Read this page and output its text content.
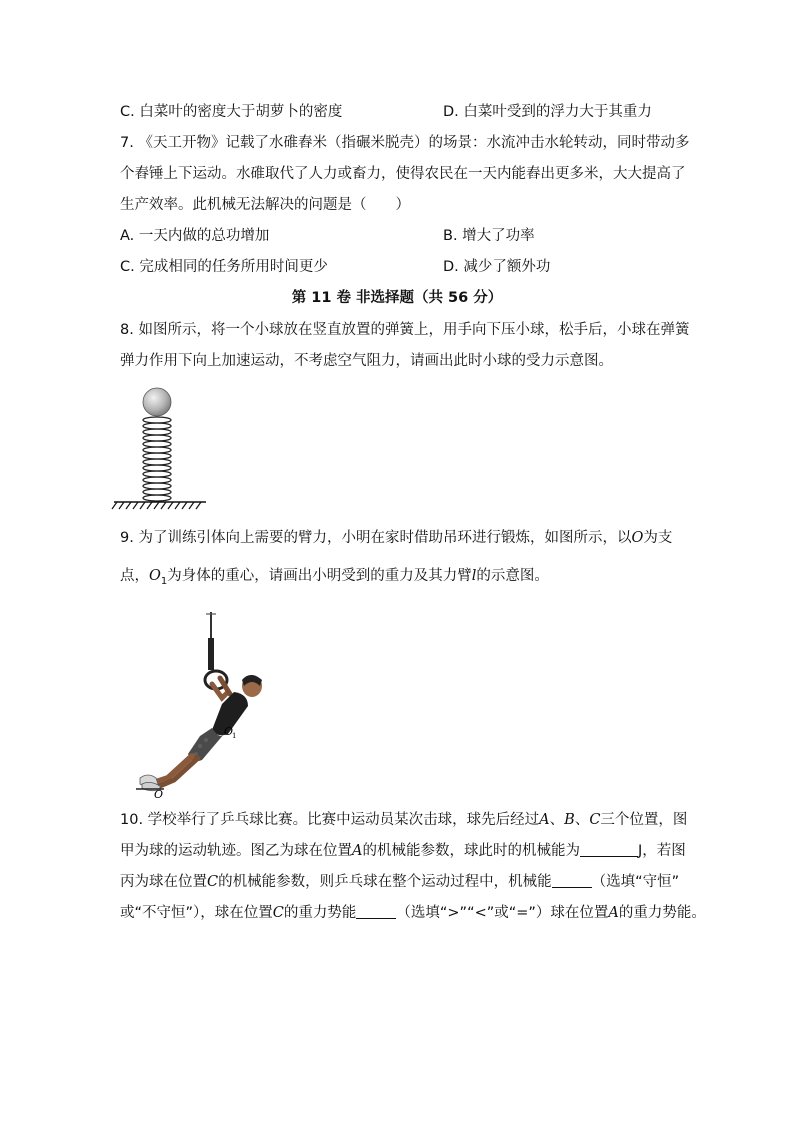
C. 白菜叶的密度大于胡萝卜的密度	D. 白菜叶受到的浮力大于其重力
7. 《天工开物》记载了水碓舂米（指碾米脱壳）的场景：水流冲击水轮转动，同时带动多
个舂锤上下运动。水碓取代了人力或畜力，使得农民在一天内能舂出更多米，大大提高了
生产效率。此机械无法解决的问题是（　　）
A. 一天内做的总功增加	B. 增大了功率
C. 完成相同的任务所用时间更少	D. 减少了额外功
第 11 卷 非选择题（共 56 分）
8. 如图所示，将一个小球放在竖直放置的弹簧上，用手向下压小球，松手后，小球在弹簧
弹力作用下向上加速运动，不考虑空气阻力，请画出此时小球的受力示意图。
9. 为了训练引体向上需要的臂力，小明在家时借助吊环进行锻炼，如图所示，以O为支
点，$O_1$为身体的重心，请画出小明受到的重力及其力臂l的示意图。
O
1
O
10. 学校举行了乒乓球比赛。比赛中运动员某次击球，球先后经过A、B、C三个位置，图
甲为球的运动轨迹。图乙为球在位置A的机械能参数，球此时的机械能为	J，若图
丙为球在位置C的机械能参数，则乒乓球在整个运动过程中，机械能	（选填“守恒”
或“不守恒”），球在位置C的重力势能	（选填“>”“<”或“=”）球在位置A的重力势能。
